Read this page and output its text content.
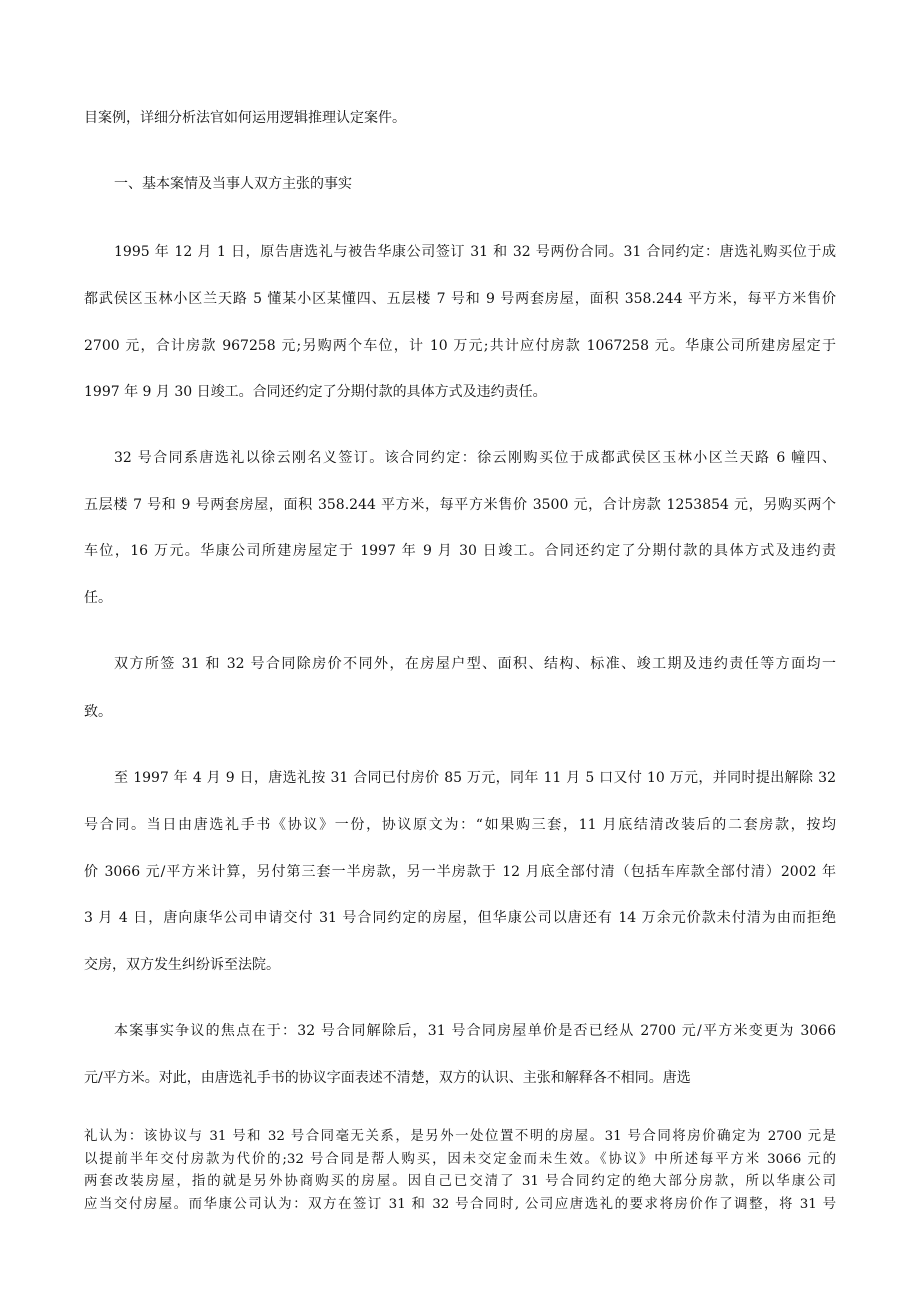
目案例，详细分析法官如何运用逻辑推理认定案件。
一、基本案情及当事人双方主张的事实
1995 年 12 月 1 日，原告唐选礼与被告华康公司签订 31 和 32 号两份合同。31 合同约定：唐选礼购买位于成
都武侯区玉林小区兰天路 5 懂某小区某懂四、五层楼 7 号和 9 号两套房屋，面积 358.244 平方米，每平方米售价
2700 元，合计房款 967258 元;另购两个车位，计 10 万元;共计应付房款 1067258 元。华康公司所建房屋定于
1997 年 9 月 30 日竣工。合同还约定了分期付款的具体方式及违约责任。
32 号合同系唐选礼以徐云刚名义签订。该合同约定：徐云刚购买位于成都武侯区玉林小区兰天路 6 幢四、
五层楼 7 号和 9 号两套房屋，面积 358.244 平方米，每平方米售价 3500 元，合计房款 1253854 元，另购买两个
车位，16 万元。华康公司所建房屋定于 1997 年 9 月 30 日竣工。合同还约定了分期付款的具体方式及违约责
任。
双方所签 31 和 32 号合同除房价不同外，在房屋户型、面积、结构、标准、竣工期及违约责任等方面均一
致。
至 1997 年 4 月 9 日，唐选礼按 31 合同已付房价 85 万元，同年 11 月 5 口又付 10 万元，并同时提出解除 32
号合同。当日由唐选礼手书《协议》一份，协议原文为：“如果购三套，11 月底结清改装后的二套房款，按均
价 3066 元/平方米计算，另付第三套一半房款，另一半房款于 12 月底全部付清（包括车库款全部付清）2002 年
3 月 4 日，唐向康华公司申请交付 31 号合同约定的房屋，但华康公司以唐还有 14 万余元价款未付清为由而拒绝
交房，双方发生纠纷诉至法院。
本案事实争议的焦点在于：32 号合同解除后，31 号合同房屋单价是否已经从 2700 元/平方米变更为 3066
元/平方米。对此，由唐选礼手书的协议字面表述不清楚，双方的认识、主张和解释各不相同。唐选
礼认为：该协议与 31 号和 32 号合同毫无关系，是另外一处位置不明的房屋。31 号合同将房价确定为 2700 元是
以提前半年交付房款为代价的;32 号合同是帮人购买，因未交定金而未生效。《协议》中所述每平方米 3066 元的
两套改装房屋，指的就是另外协商购买的房屋。因自己已交清了 31 号合同约定的绝大部分房款，所以华康公司
应当交付房屋。而华康公司认为：双方在签订 31 和 32 号合同时, 公司应唐选礼的要求将房价作了调整，将 31 号
